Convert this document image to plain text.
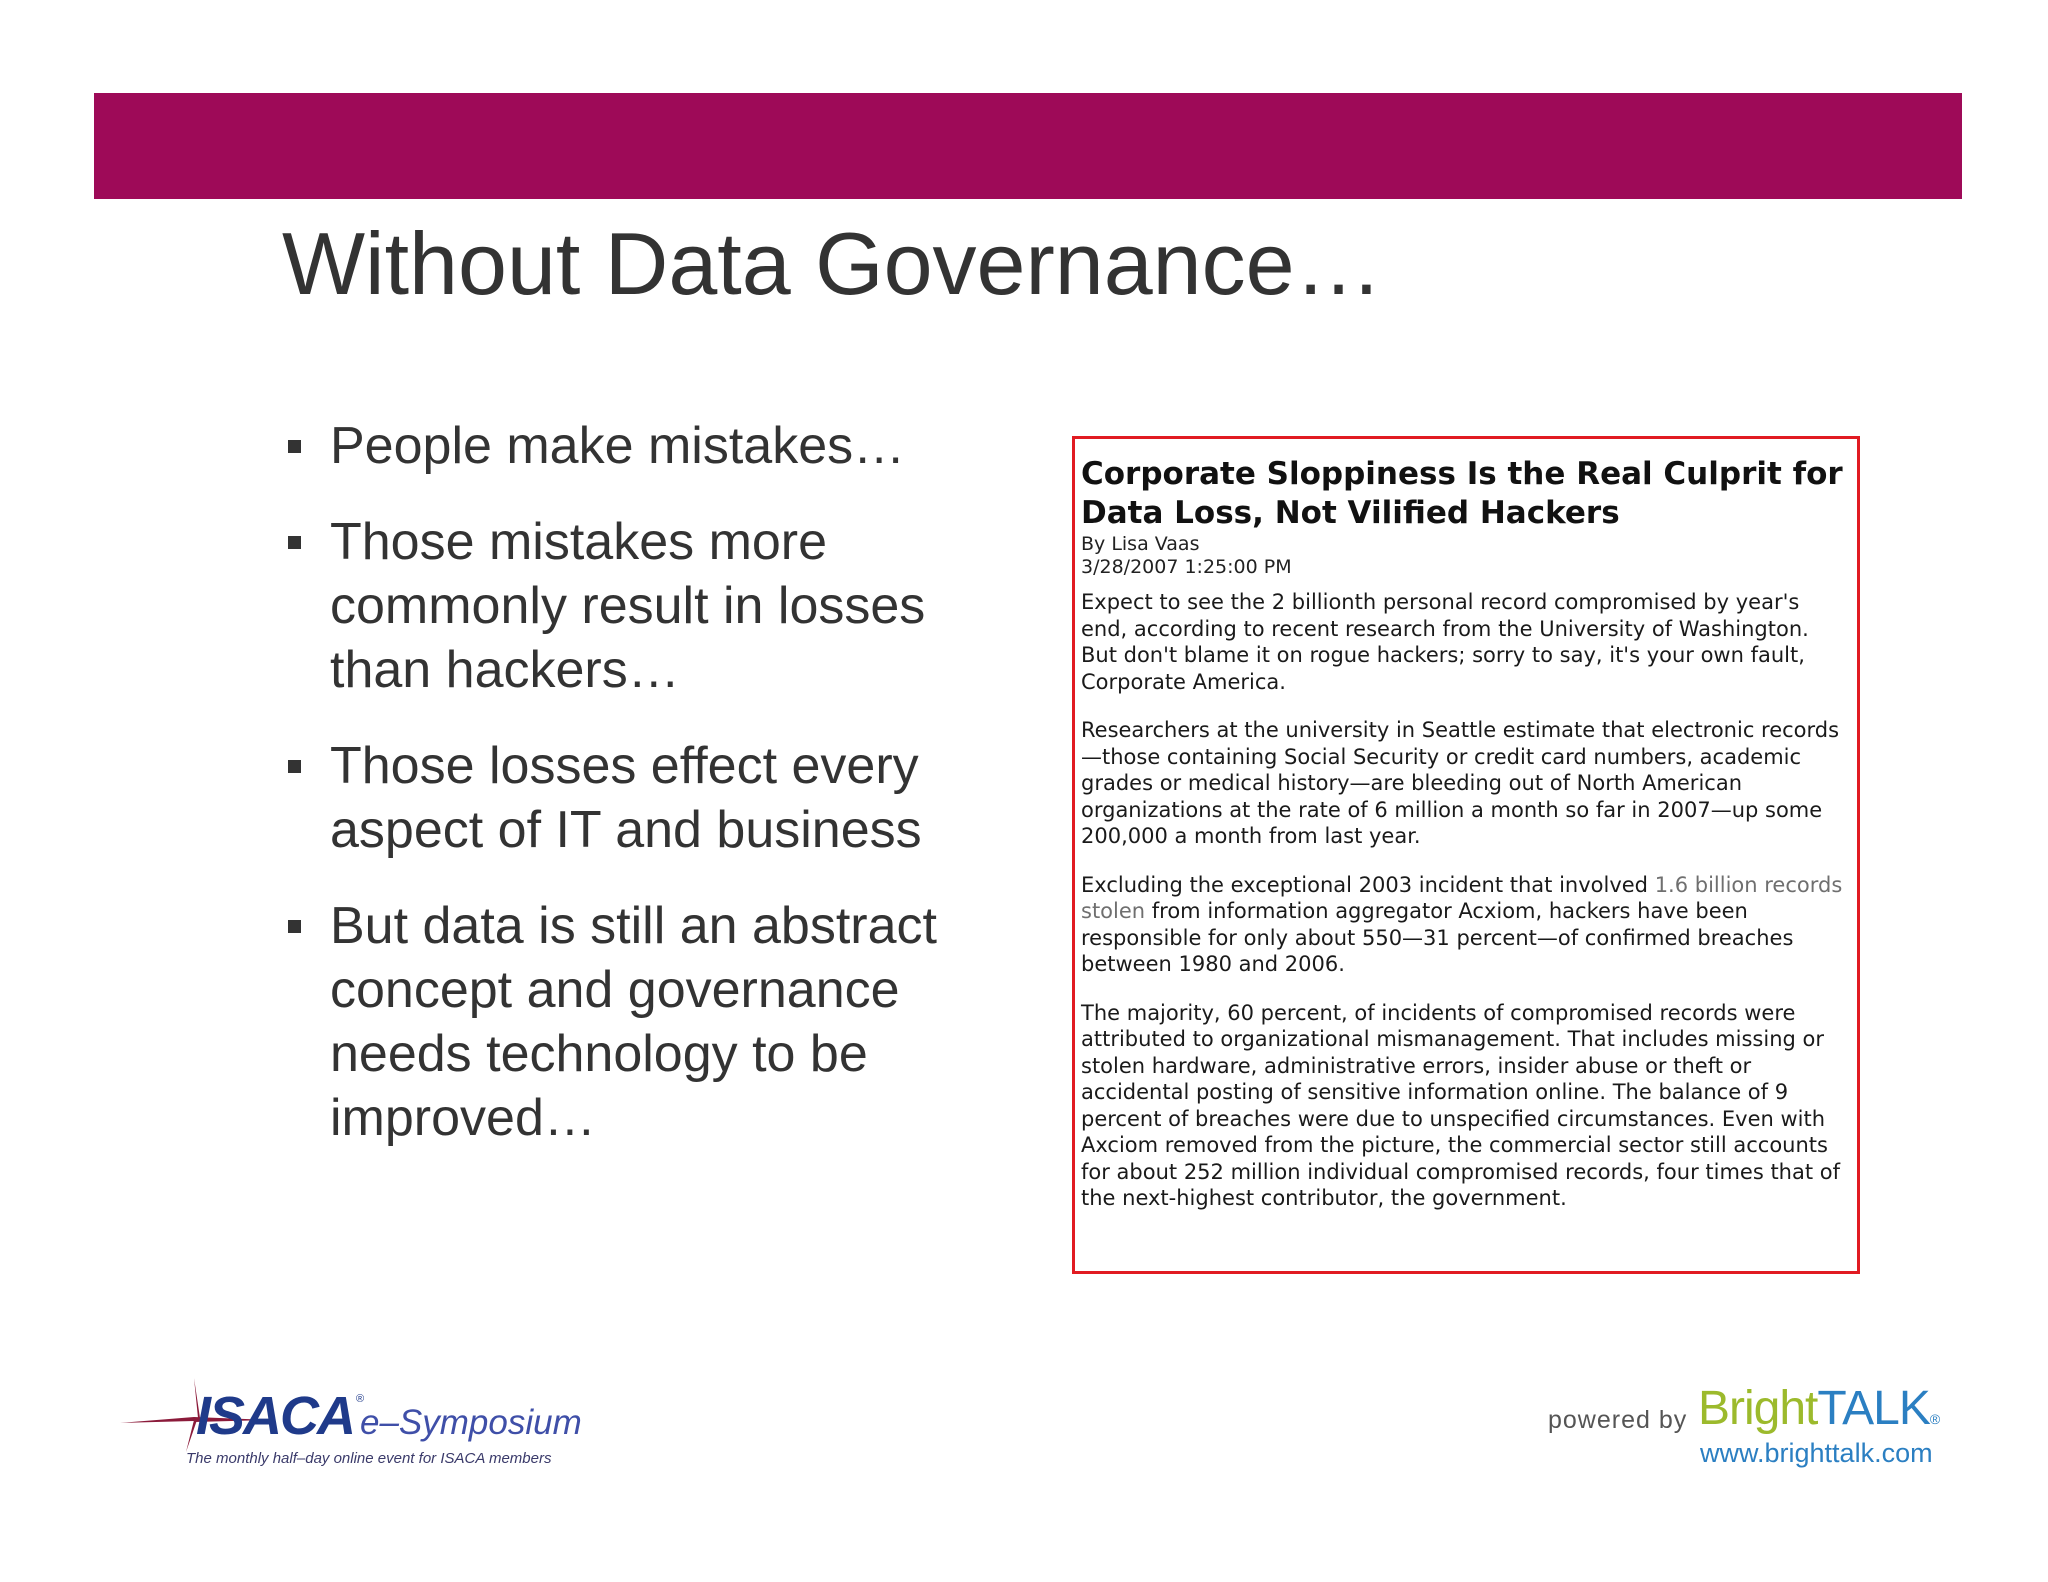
Without Data Governance…
People make mistakes…
Those mistakes more commonly result in losses than hackers…
Those losses effect every aspect of IT and business
But data is still an abstract concept and governance needs technology to be improved…
Corporate Sloppiness Is the Real Culprit for Data Loss, Not Vilified Hackers
By Lisa Vaas
3/28/2007 1:25:00 PM

Expect to see the 2 billionth personal record compromised by year's end, according to recent research from the University of Washington. But don't blame it on rogue hackers; sorry to say, it's your own fault, Corporate America.

Researchers at the university in Seattle estimate that electronic records—those containing Social Security or credit card numbers, academic grades or medical history—are bleeding out of North American organizations at the rate of 6 million a month so far in 2007—up some 200,000 a month from last year.

Excluding the exceptional 2003 incident that involved 1.6 billion records stolen from information aggregator Acxiom, hackers have been responsible for only about 550—31 percent—of confirmed breaches between 1980 and 2006.

The majority, 60 percent, of incidents of compromised records were attributed to organizational mismanagement. That includes missing or stolen hardware, administrative errors, insider abuse or theft or accidental posting of sensitive information online. The balance of 9 percent of breaches were due to unspecified circumstances. Even with Axciom removed from the picture, the commercial sector still accounts for about 252 million individual compromised records, four times that of the next-highest contributor, the government.

ISACA ®
e–Symposium
The monthly half–day online event for ISACA members
powered by BrightTALK®
www.brighttalk.com
